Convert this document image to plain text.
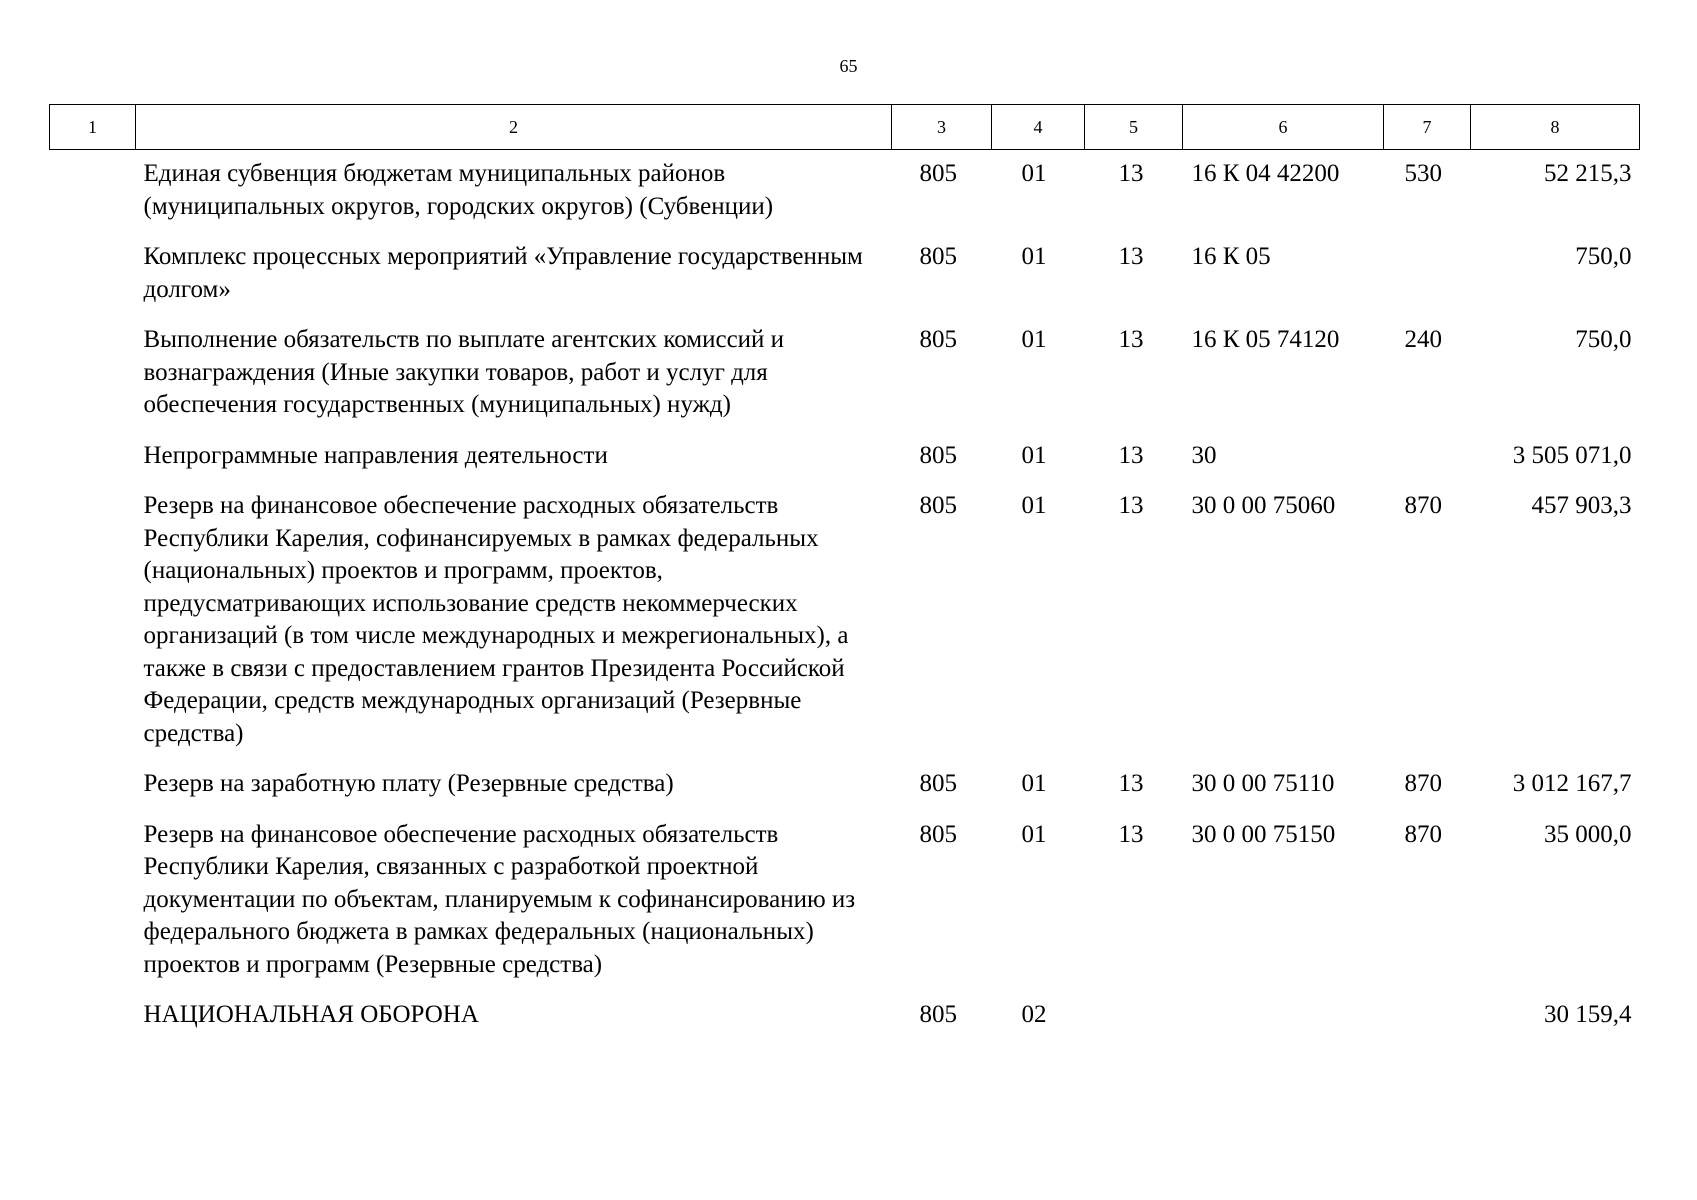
65
1	2	3	4	5	6	7	8
	Единая субвенция бюджетам муниципальных районов (муниципальных округов, городских округов) (Субвенции)	805	01	13	16 К 04 42200	530	52 215,3
	Комплекс процессных мероприятий «Управление государственным долгом»	805	01	13	16 К 05		750,0
	Выполнение обязательств по выплате агентских комиссий и вознаграждения (Иные закупки товаров, работ и услуг для обеспечения государственных (муниципальных) нужд)	805	01	13	16 К 05 74120	240	750,0
	Непрограммные направления деятельности	805	01	13	30		3 505 071,0
	Резерв на финансовое обеспечение расходных обязательств Республики Карелия, софинансируемых в рамках федеральных (национальных) проектов и программ, проектов, предусматривающих использование средств некоммерческих организаций (в том числе международных и межрегиональных), а также в связи с предоставлением грантов Президента Российской Федерации, средств международных организаций (Резервные средства)	805	01	13	30 0 00 75060	870	457 903,3
	Резерв на заработную плату (Резервные средства)	805	01	13	30 0 00 75110	870	3 012 167,7
	Резерв на финансовое обеспечение расходных обязательств Республики Карелия, связанных с разработкой проектной документации по объектам, планируемым к софинансированию из федерального бюджета в рамках федеральных (национальных) проектов и программ (Резервные средства)	805	01	13	30 0 00 75150	870	35 000,0
	НАЦИОНАЛЬНАЯ ОБОРОНА	805	02				30 159,4
